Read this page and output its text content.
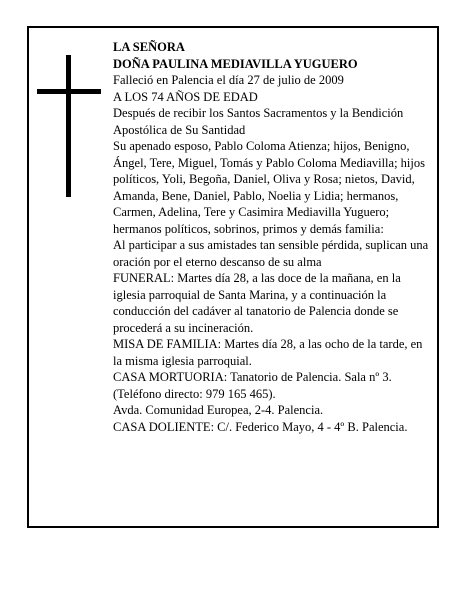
LA SEÑORA

DOÑA PAULINA MEDIAVILLA YUGUERO

Falleció en Palencia el día 27 de julio de 2009

A LOS 74 AÑOS DE EDAD

Después de recibir los Santos Sacramentos y la Bendición Apostólica de Su Santidad

Su apenado esposo, Pablo Coloma Atienza; hijos, Benigno, Ángel, Tere, Miguel, Tomás y Pablo Coloma Mediavilla; hijos políticos, Yoli, Begoña, Daniel, Oliva y Rosa; nietos, David, Amanda, Bene, Daniel, Pablo, Noelia y Lidia; hermanos, Carmen, Adelina, Tere y Casimira Mediavilla Yuguero; hermanos políticos, sobrinos, primos y demás familia:

Al participar a sus amistades tan sensible pérdida, suplican una oración por el eterno descanso de su alma

FUNERAL: Martes día 28, a las doce de la mañana, en la iglesia parroquial de Santa Marina, y a continuación la conducción del cadáver al tanatorio de Palencia donde se procederá a su incineración.

MISA DE FAMILIA: Martes día 28, a las ocho de la tarde, en la misma iglesia parroquial.

CASA MORTUORIA: Tanatorio de Palencia. Sala nº 3. (Teléfono directo: 979 165 465).

Avda. Comunidad Europea, 2-4. Palencia.

CASA DOLIENTE: C/. Federico Mayo, 4 - 4º B. Palencia.
